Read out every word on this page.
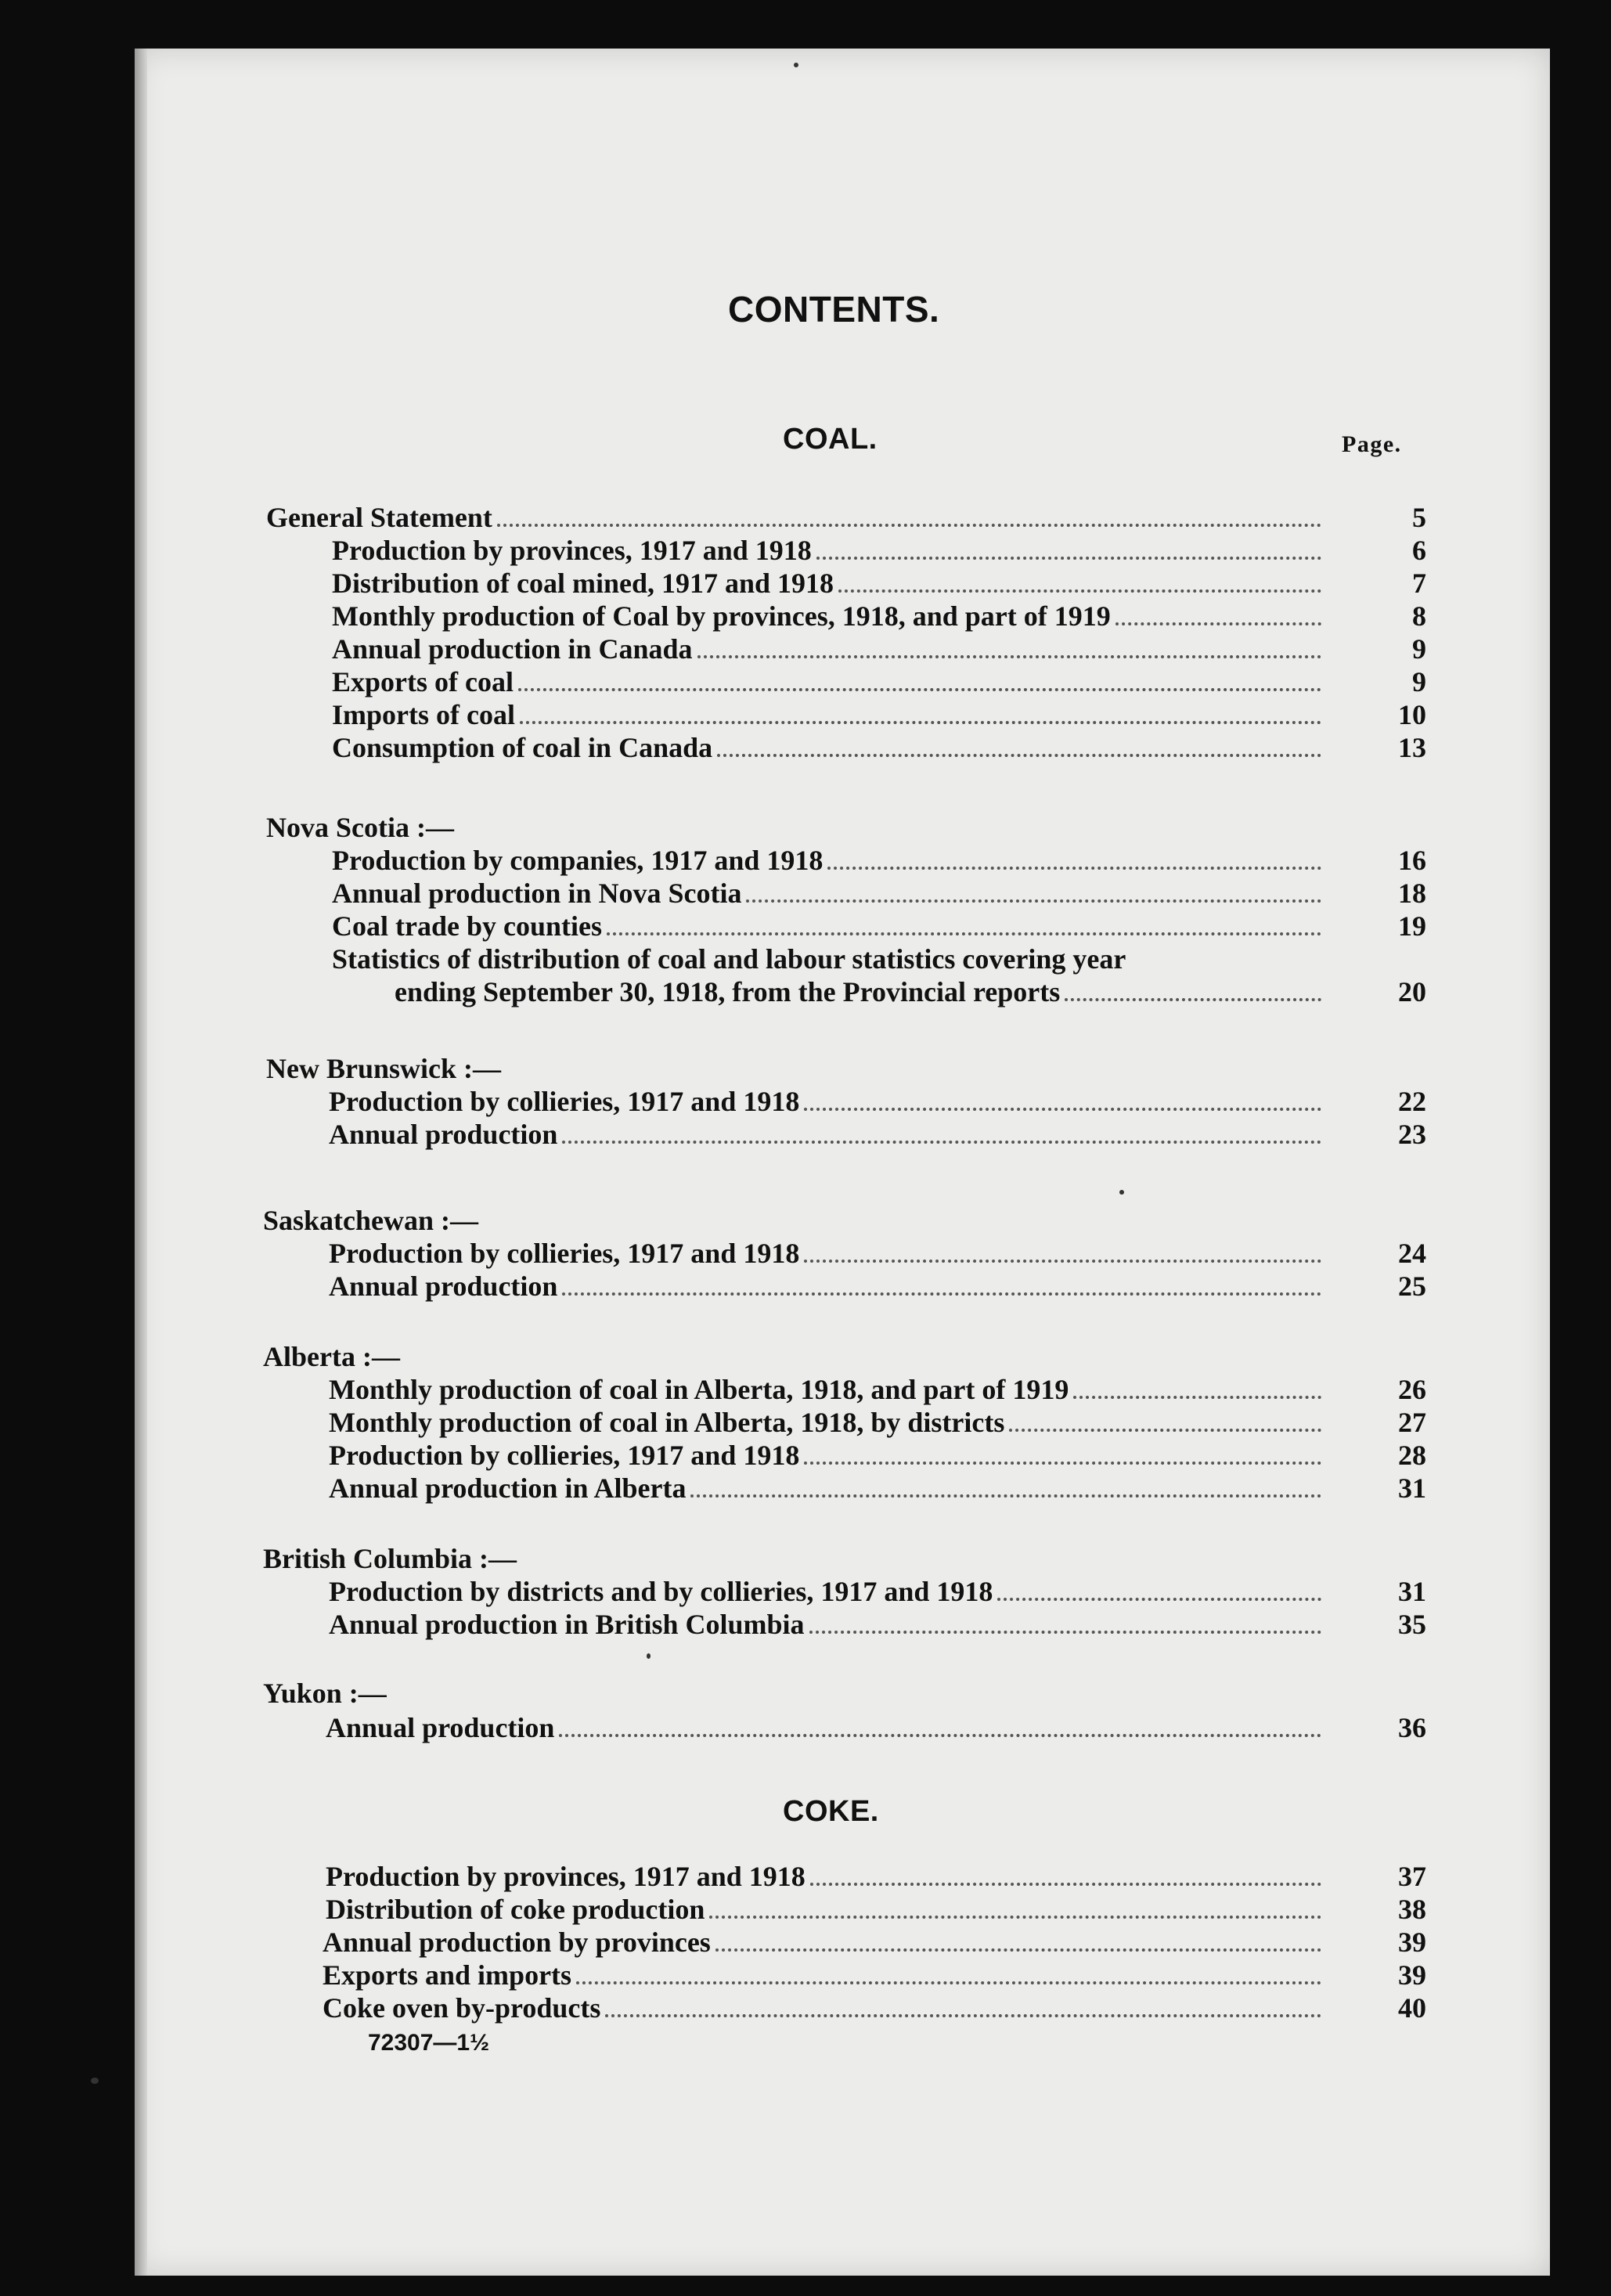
CONTENTS.
COAL.	Page.
General Statement	5
Production by provinces, 1917 and 1918	6
Distribution of coal mined, 1917 and 1918	7
Monthly production of Coal by provinces, 1918, and part of 1919	8
Annual production in Canada	9
Exports of coal	9
Imports of coal	10
Consumption of coal in Canada	13
Nova Scotia :—
Production by companies, 1917 and 1918	16
Annual production in Nova Scotia	18
Coal trade by counties	19
Statistics of distribution of coal and labour statistics covering year
ending September 30, 1918, from the Provincial reports	20
New Brunswick :—
Production by collieries, 1917 and 1918	22
Annual production	23
Saskatchewan :—
Production by collieries, 1917 and 1918	24
Annual production	25
Alberta :—
Monthly production of coal in Alberta, 1918, and part of 1919	26
Monthly production of coal in Alberta, 1918, by districts	27
Production by collieries, 1917 and 1918	28
Annual production in Alberta	31
British Columbia :—
Production by districts and by collieries, 1917 and 1918	31
Annual production in British Columbia	35
Yukon :—
Annual production	36
Production by provinces, 1917 and 1918	37
Distribution of coke production	38
Annual production by provinces	39
Exports and imports	39
Coke oven by-products	40
COKE.
72307—1½
